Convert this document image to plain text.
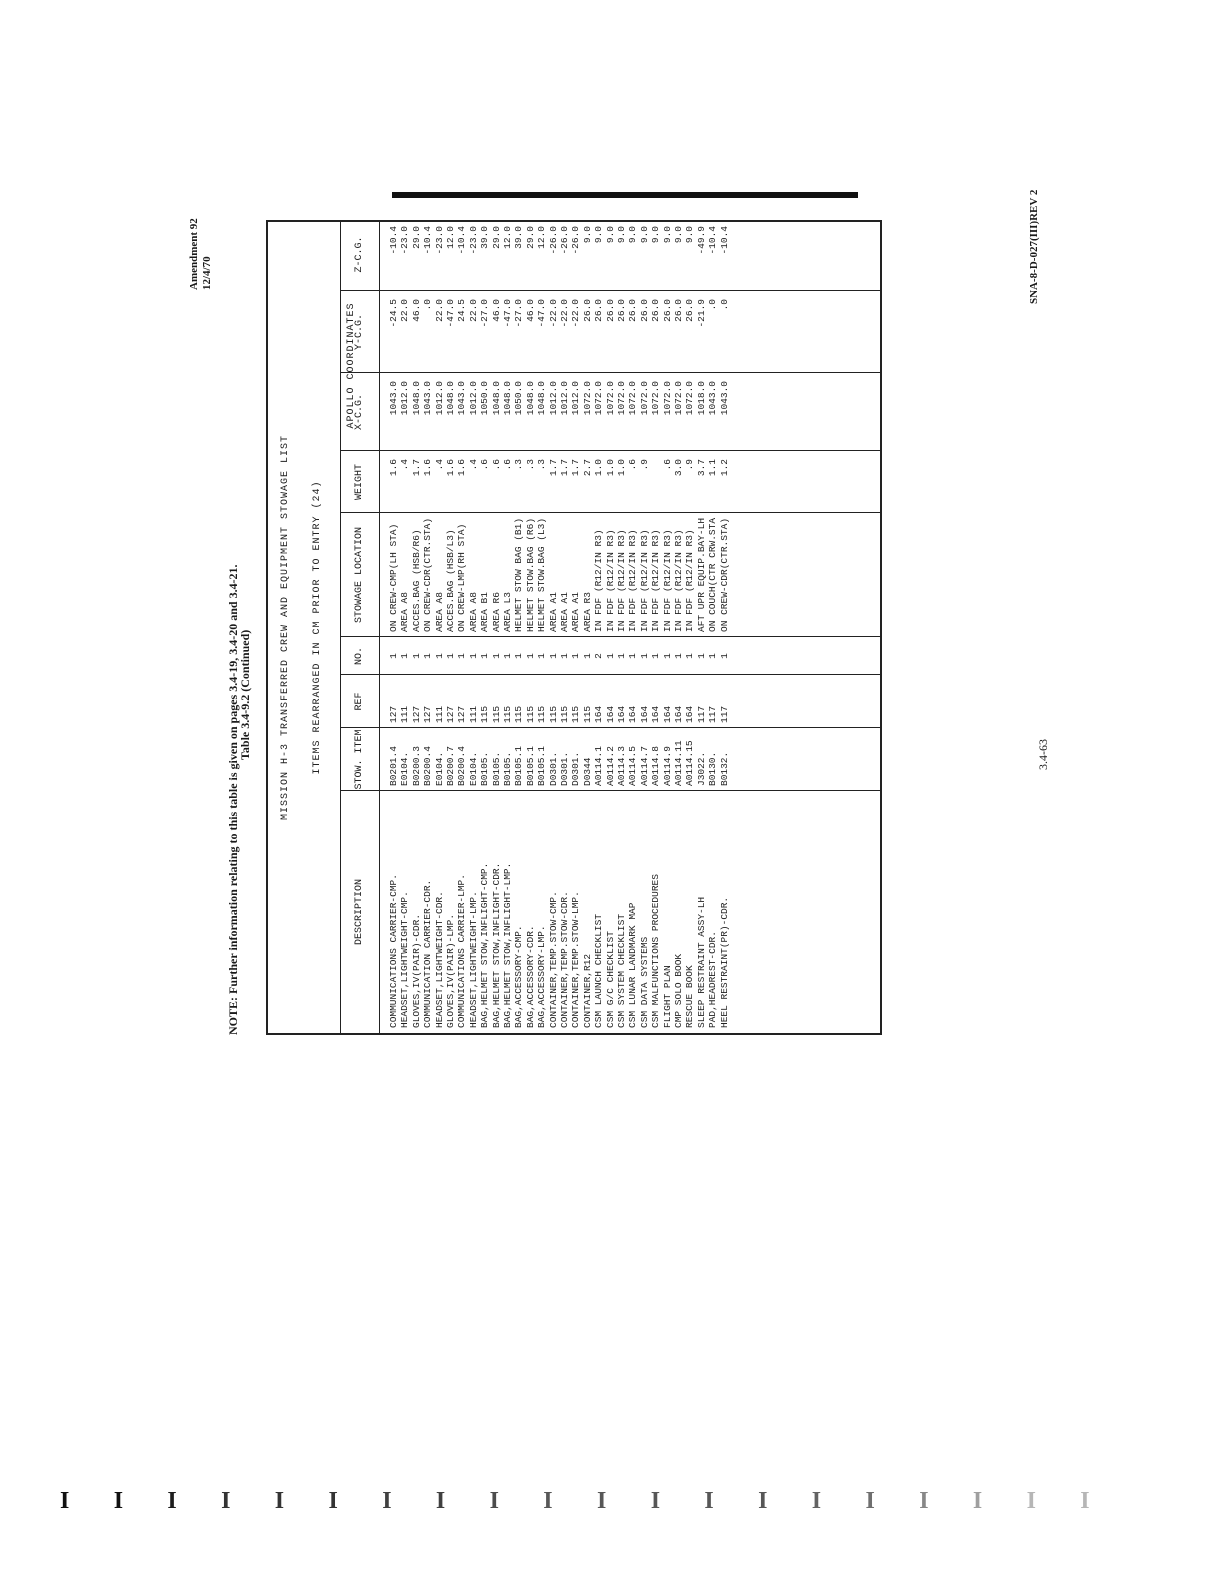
Amendment 92 12/4/70
Table 3.4-9.2 (Continued)	MISSION H-3 TRANSFERRED CREW AND EQUIPMENT STOWAGE LIST ITEMS REARRANGED IN CM PRIOR TO ENTRY (24)
APOLLO COORDINATES
DESCRIPTION
STOW. ITEM
REF
NO.
STOWAGE LOCATION
WEIGHT
X-C.G.
Y-C.G.
Z-C.G.
COMMUNICATIONS CARRIER-CMP.
B0201.4
127
1
ON CREW-CMP(LH STA)
1.6
1043.0
-24.5
-10.4
HEADSET,LIGHTWEIGHT-CMP.
E0104.
111
1
AREA A8
.4
1012.0
22.0
-23.0
GLOVES,IV(PAIR)-CDR.
B0200.3
127
1
ACCES.BAG (HSB/R6)
1.7
1048.0
46.0
29.0
COMMUNICATION CARRIER-CDR.
B0200.4
127
1
ON CREW-CDR(CTR.STA)
1.6
1043.0
.0
-10.4
HEADSET,LIGHTWEIGHT-CDR.
E0104.
111
1
AREA A8
.4
1012.0
22.0
-23.0
GLOVES,IV(PAIR)-LMP.
B0200.7
127
1
ACCES.BAG (HSB/L3)
1.6
1048.0
-47.0
12.0
COMMUNICATIONS CARRIER-LMP.
B0200.4
127
1
ON CREW-LMP(RH STA)
1.6
1043.0
24.5
-10.4
HEADSET,LIGHTWEIGHT-LMP.
E0104.
111
1
AREA A8
.4
1012.0
22.0
-23.0
BAG,HELMET STOW,INFLIGHT-CMP.
B0105.
115
1
AREA B1
.6
1050.0
-27.0
39.0
BAG,HELMET STOW,INFLIGHT-CDR.
B0105.
115
1
AREA R6
.6
1048.0
46.0
29.0
BAG,HELMET STOW,INFLIGHT-LMP.
B0105.
115
1
AREA L3
.6
1048.0
-47.0
12.0
BAG,ACCESSORY-CMP.
B0105.1
115
1
HELMET STOW BAG (B1)
.3
1050.0
-27.0
39.0
BAG,ACCESSORY-CDR.
B0105.1
115
1
HELMET STOW.BAG (R6)
.3
1048.0
46.0
29.0
BAG,ACCESSORY-LMP.
B0105.1
115
1
HELMET STOW.BAG (L3)
.3
1048.0
-47.0
12.0
CONTAINER,TEMP.STOW-CMP.
D0301.
115
1
AREA A1
1.7
1012.0
-22.0
-26.0
CONTAINER,TEMP.STOW-CDR.
D0301.
115
1
AREA A1
1.7
1012.0
-22.0
-26.0
CONTAINER,TEMP.STOW-LMP.
D0301.
115
1
AREA A1
1.7
1012.0
-22.0
-26.0
CONTAINER,R12
D0344
115
1
AREA R3
2.7
1072.0
26.0
9.0
CSM LAUNCH CHECKLIST
A0114.1
164
2
IN FDF (R12/IN R3)
1.0
1072.0
26.0
9.0
CSM G/C CHECKLIST
A0114.2
164
1
IN FDF (R12/IN R3)
1.0
1072.0
26.0
9.0
CSM SYSTEM CHECKLIST
A0114.3
164
1
IN FDF (R12/IN R3)
1.0
1072.0
26.0
9.0
CSM LUNAR LANDMARK MAP
A0114.5
164
1
IN FDF (R12/IN R3)
.6
1072.0
26.0
9.0
CSM DATA SYSTEMS
A0114.7
164
1
IN FDF (R12/IN R3)
.9
1072.0
26.0
9.0
CSM MALFUNCTIONS PROCEDURES
A0114.8
164
1
IN FDF (R12/IN R3)
1072.0
26.0
9.0
FLIGHT PLAN
A0114.9
164
1
IN FDF (R12/IN R3)
.6
1072.0
26.0
9.0
CMP SOLO BOOK
A0114.11
164
1
IN FDF (R12/IN R3)
3.0
1072.0
26.0
9.0
RESCUE BOOK
A0114.15
164
1
IN FDF (R12/IN R3)
.9
1072.0
26.0
9.0
SLEEP RESTRAINT ASSY-LH
J3022.
117
1
AFT UPR EQUIP.BAY-LH
3.7
1018.0
-21.9
-49.9
PAD,HEADREST-CDR.
B0130.
117
1
ON COUCH(CTR CRW.STA
1.1
1043.0
.0
-10.4
HEEL RESTRAINT(PR)-CDR.
B0132.
117
1
ON CREW-CDR(CTR.STA)
1.2
1043.0
.0
-10.4
NOTE: Further information relating to this table is given on pages 3.4-19, 3.4-20 and 3.4-21.	3.4-63
SNA-8-D-027(III)REV 2
I I I I I I I I I I I I I I I I I I I I
